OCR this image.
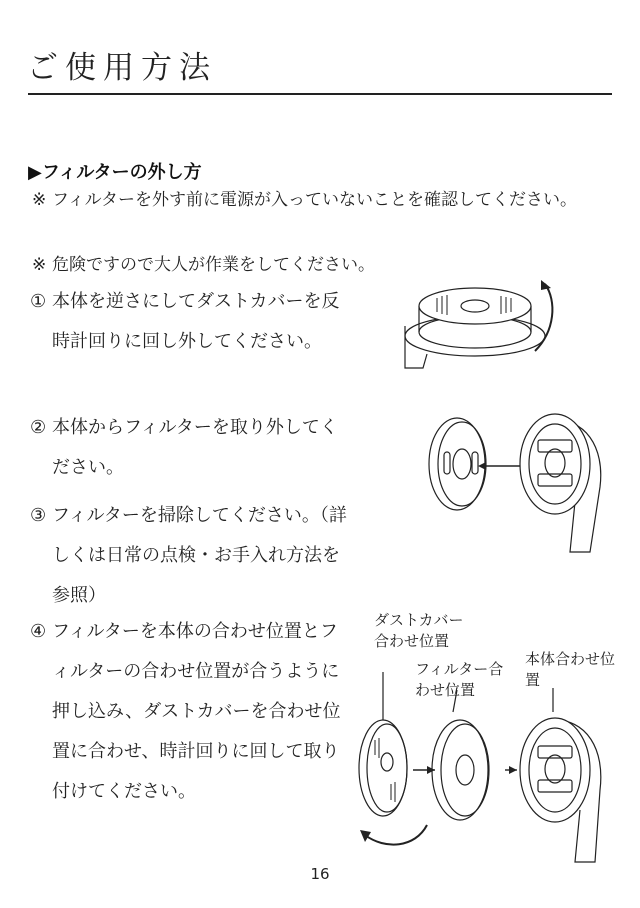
ご使用方法
▶フィルターの外し方
※ フィルターを外す前に電源が入っていないことを確認してください。
※ 危険ですので大人が作業をしてください。
① 本体を逆さにしてダストカバーを反時計回りに回し外してください。
② 本体からフィルターを取り外してください。
③ フィルターを掃除してください。（詳しくは日常の点検・お手入れ方法を参照）
④ フィルターを本体の合わせ位置とフィルターの合わせ位置が合うように押し込み、ダストカバーを合わせ位置に合わせ、時計回りに回して取り付けてください。
ダストカバー合わせ位置
フィルター合わせ位置
本体合わせ位置
16
